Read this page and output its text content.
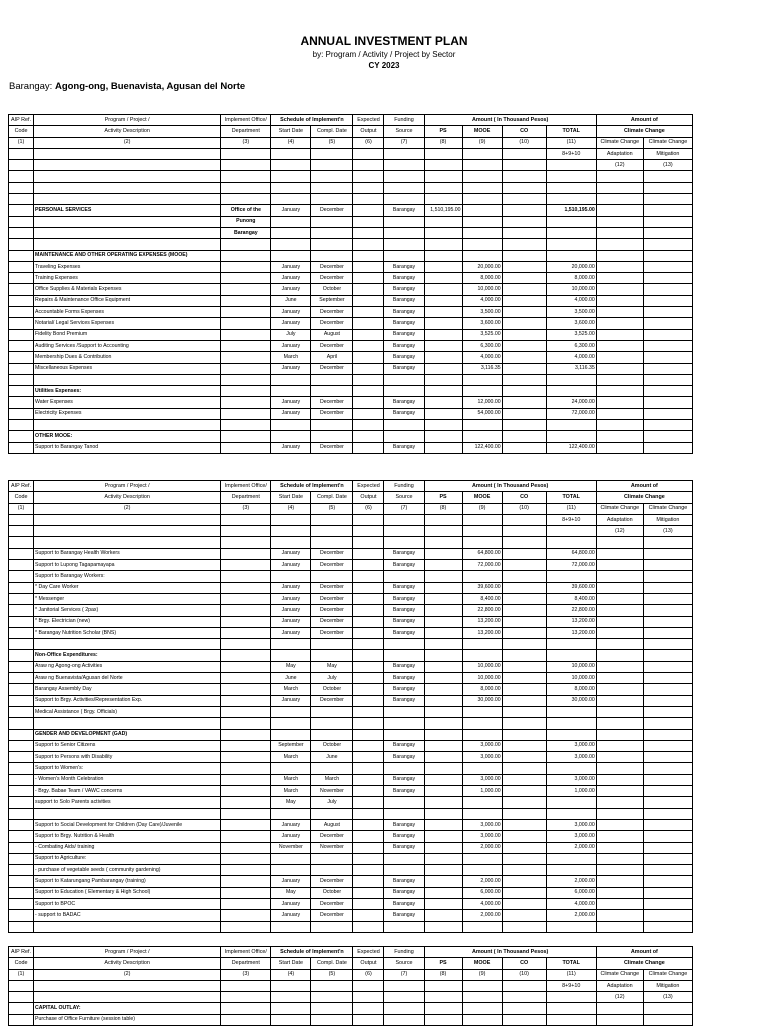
ANNUAL INVESTMENT PLAN
by: Program / Activity / Project by Sector
CY 2023
Barangay: Agong-ong, Buenavista, Agusan del Norte
AIP Ref.	Program / Project /	Implement Office/	Schedule of Implement'n		Expected	Funding	Amount ( In Thousand Pesos)				Amount of	
Code	Activity Description	Department	Start Date	Compl. Date	Output	Source	PS	MOOE	CO	TOTAL	Climate Change	
(1)	(2)	(3)	(4)	(5)	(6)	(7)	(8)	(9)	(10)	(11)	Climate Change	Climate Change
										8+9+10	Adaptation	Mitigation
											(12)	(13)

	PERSONAL SERVICES	Office of the	January	December		Barangay	1,510,195.00			1,510,195.00		
		Punong										
		Barangay										

	MAINTENANCE AND OTHER OPERATING EXPENSES (MOOE)											
	Traveling Expenses		January	December		Barangay		20,000.00		20,000.00		
	Training Expenses		January	December		Barangay		8,000.00		8,000.00		
	Office Supplies & Materials Expenses		January	October		Barangay		10,000.00		10,000.00		
	Repairs & Maintenance Office Equipment		June	September		Barangay		4,000.00		4,000.00		
	Accountable Forms Expenses		January	December		Barangay		3,500.00		3,500.00		
	Notarial/ Legal Services Expenses		January	December		Barangay		3,600.00		3,600.00		
	Fidelity Bond Premium		July	August		Barangay		3,525.00		3,525.00		
	Auditing Services /Support to Accounting		January	December		Barangay		6,300.00		6,300.00		
	Membership Dues & Contribution		March	April		Barangay		4,000.00		4,000.00		
	Miscellaneous Expenses		January	December		Barangay		3,116.35		3,116.35		

	Utilities Expenses:											
	Water Expenses		January	December		Barangay		12,000.00		24,000.00		
	Electricity Expenses		January	December		Barangay		54,000.00		72,000.00		

	OTHER MOOE:											
	Support to Barangay Tanod		January	December		Barangay		122,400.00		122,400.00		
AIP Ref.	Program / Project /	Implement Office/	Schedule of Implement'n		Expected	Funding	Amount ( In Thousand Pesos)				Amount of	
Code	Activity Description	Department	Start Date	Compl. Date	Output	Source	PS	MOOE	CO	TOTAL	Climate Change	
(1)	(2)	(3)	(4)	(5)	(6)	(7)	(8)	(9)	(10)	(11)	Climate Change	Climate Change
										8+9+10	Adaptation	Mitigation
											(12)	(13)

	Support to Barangay Health Workers		January	December		Barangay		64,800.00		64,800.00		
	Support to Lupong Tagapamayapa		January	December		Barangay		72,000.00		72,000.00		
	Support to Barangay Workers:											
	* Day Care Worker		January	December		Barangay		39,600.00		39,600.00		
	* Messenger		January	December		Barangay		8,400.00		8,400.00		
	* Janitorial Services ( 2pax)		January	December		Barangay		22,800.00		22,800.00		
	* Brgy. Electrician (new)		January	December		Barangay		13,200.00		13,200.00		
	* Barangay Nutrition Scholar (BNS)		January	December		Barangay		13,200.00		13,200.00		

	Non-Office Expenditures:											
	Araw ng Agong-ong Activities		May	May		Barangay		10,000.00		10,000.00		
	Araw ng Buenavista/Agusan del Norte		June	July		Barangay		10,000.00		10,000.00		
	Barangay Assembly Day		March	October		Barangay		8,000.00		8,000.00		
	Support to Brgy. Activities/Representation Exp.		January	December		Barangay		30,000.00		30,000.00		
	Medical Assistance ( Brgy. Officials)											

	GENDER AND DEVELOPMENT (GAD)											
	Support to Senior Citizens		September	October		Barangay		3,000.00		3,000.00		
	Support to Persons with Disability		March	June		Barangay		3,000.00		3,000.00		
	Support to Women's:											
	- Women's Month Celebration		March	March		Barangay		3,000.00		3,000.00		
	- Brgy. Babae Team / VAWC concerns		March	November		Barangay		1,000.00		1,000.00		
	support to Solo Parents activities		May	July								

	Support to Social Development for Children (Day Care)/Juvenile		January	August		Barangay		3,000.00		3,000.00		
	Support to Brgy. Nutrition & Health		January	December		Barangay		3,000.00		3,000.00		
	- Combating Aids/ training		November	November		Barangay		2,000.00		2,000.00		
	Support to Agriculture:											
	- purchase of vegetable seeds ( community gardening)											
	Support to Katarungang Pambarangay (training)		January	December		Barangay		2,000.00		2,000.00		
	Support to Education ( Elementary & High School)		May	October		Barangay		6,000.00		6,000.00		
	Support to BPOC		January	December		Barangay		4,000.00		4,000.00		
	- support to BADAC		January	December		Barangay		2,000.00		2,000.00		

AIP Ref.	Program / Project /	Implement Office/	Schedule of Implement'n		Expected	Funding	Amount ( In Thousand Pesos)				Amount of	
Code	Activity Description	Department	Start Date	Compl. Date	Output	Source	PS	MOOE	CO	TOTAL	Climate Change	
(1)	(2)	(3)	(4)	(5)	(6)	(7)	(8)	(9)	(10)	(11)	Climate Change	Climate Change
										8+9+10	Adaptation	Mitigation
											(12)	(13)
	CAPITAL OUTLAY:											
	Purchase of Office Furniture (session table)											
